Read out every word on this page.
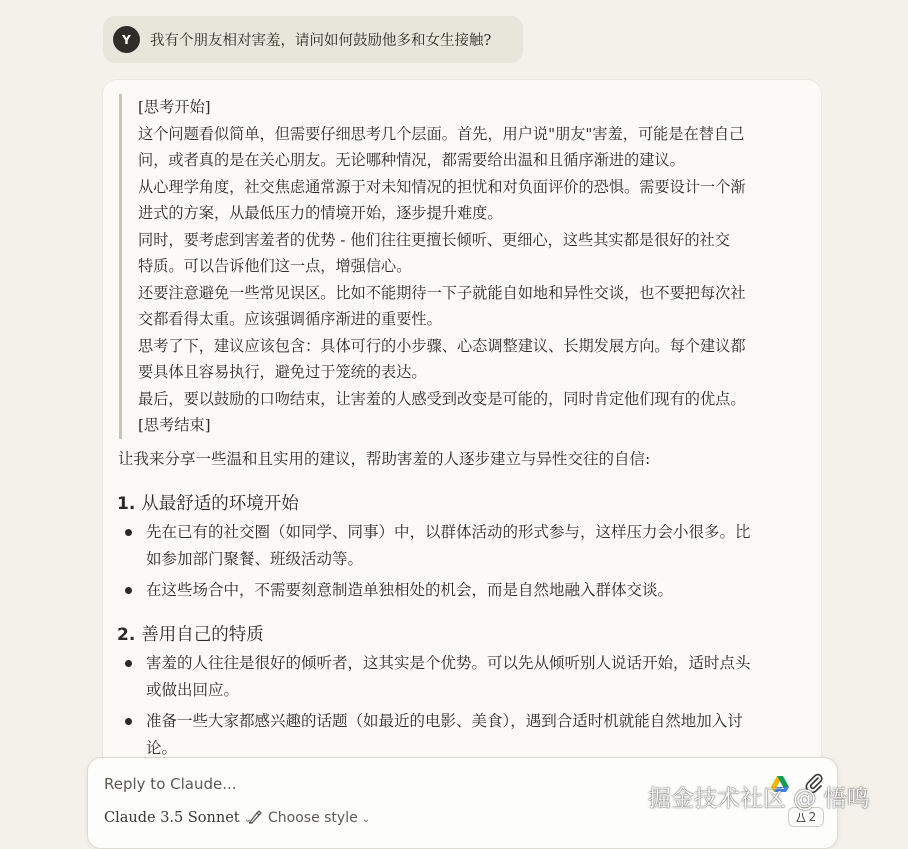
Y	我有个朋友相对害羞，请问如何鼓励他多和女生接触?
[思考开始]
这个问题看似简单，但需要仔细思考几个层面。首先，用户说"朋友"害羞，可能是在替自己
问，或者真的是在关心朋友。无论哪种情况，都需要给出温和且循序渐进的建议。
从心理学角度，社交焦虑通常源于对未知情况的担忧和对负面评价的恐惧。需要设计一个渐
进式的方案，从最低压力的情境开始，逐步提升难度。
同时，要考虑到害羞者的优势 - 他们往往更擅长倾听、更细心，这些其实都是很好的社交
特质。可以告诉他们这一点，增强信心。
还要注意避免一些常见误区。比如不能期待一下子就能自如地和异性交谈，也不要把每次社
交都看得太重。应该强调循序渐进的重要性。
思考了下，建议应该包含：具体可行的小步骤、心态调整建议、长期发展方向。每个建议都
要具体且容易执行，避免过于笼统的表达。
最后，要以鼓励的口吻结束，让害羞的人感受到改变是可能的，同时肯定他们现有的优点。
[思考结束]
让我来分享一些温和且实用的建议，帮助害羞的人逐步建立与异性交往的自信:
1. 从最舒适的环境开始
先在已有的社交圈（如同学、同事）中，以群体活动的形式参与，这样压力会小很多。比
如参加部门聚餐、班级活动等。
在这些场合中，不需要刻意制造单独相处的机会，而是自然地融入群体交谈。
2. 善用自己的特质
害羞的人往往是很好的倾听者，这其实是个优势。可以先从倾听别人说话开始，适时点头
或做出回应。
准备一些大家都感兴趣的话题（如最近的电影、美食），遇到合适时机就能自然地加入讨
论。
Reply to Claude...
Claude 3.5 Sonnet ⌄	Choose style ⌄	2
掘金技术社区 @ 悟鸣
